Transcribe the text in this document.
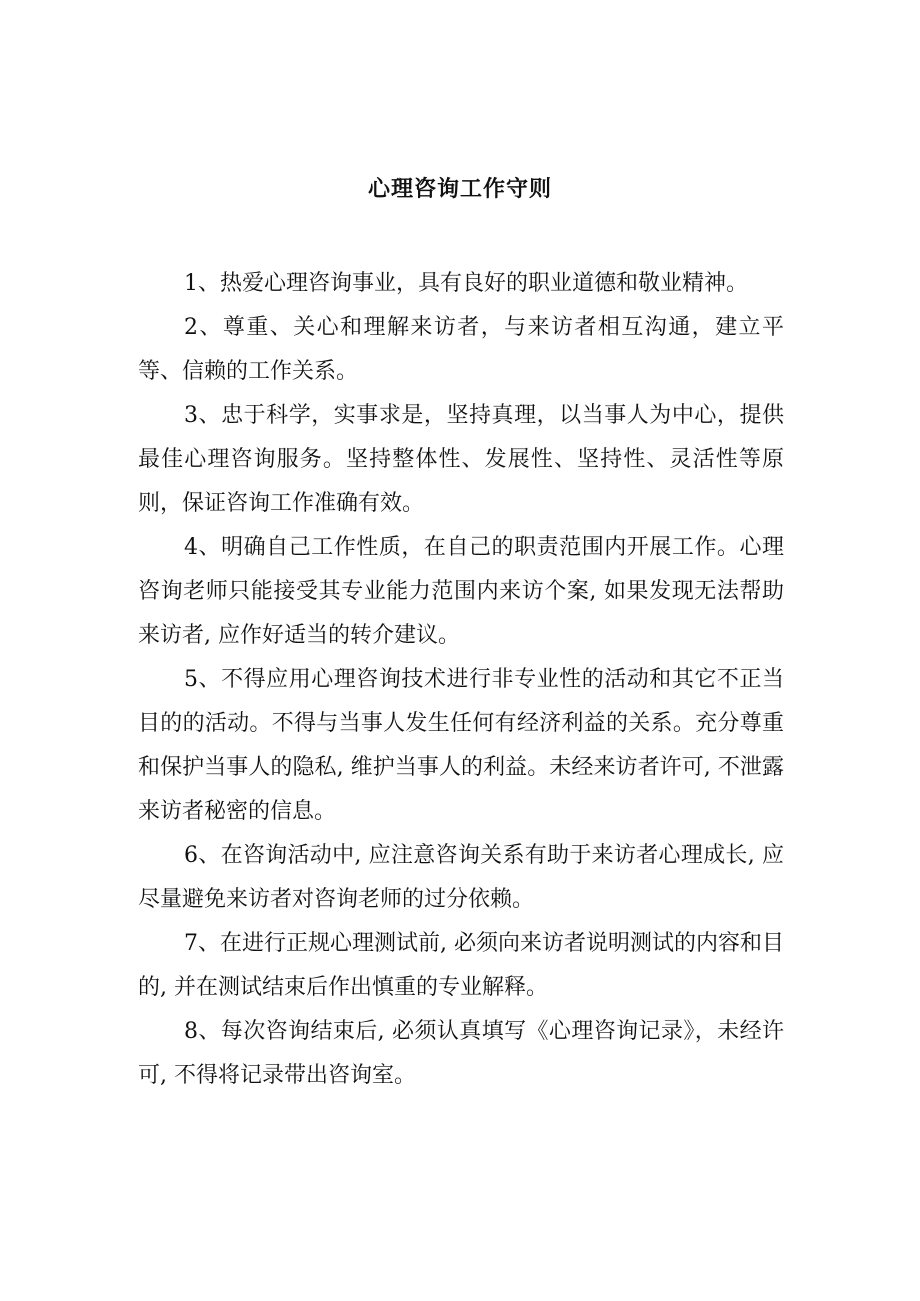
心理咨询工作守则

1、热爱心理咨询事业，具有良好的职业道德和敬业精神。

2、尊重、关心和理解来访者，与来访者相互沟通，建立平等、信赖的工作关系。

3、忠于科学，实事求是，坚持真理，以当事人为中心，提供最佳心理咨询服务。坚持整体性、发展性、坚持性、灵活性等原则，保证咨询工作准确有效。

4、明确自己工作性质，在自己的职责范围内开展工作。心理咨询老师只能接受其专业能力范围内来访个案, 如果发现无法帮助来访者, 应作好适当的转介建议。

5、不得应用心理咨询技术进行非专业性的活动和其它不正当目的的活动。不得与当事人发生任何有经济利益的关系。充分尊重和保护当事人的隐私, 维护当事人的利益。未经来访者许可, 不泄露来访者秘密的信息。

6、在咨询活动中, 应注意咨询关系有助于来访者心理成长, 应尽量避免来访者对咨询老师的过分依赖。

7、在进行正规心理测试前, 必须向来访者说明测试的内容和目的, 并在测试结束后作出慎重的专业解释。

8、每次咨询结束后, 必须认真填写《心理咨询记录》，未经许可, 不得将记录带出咨询室。
